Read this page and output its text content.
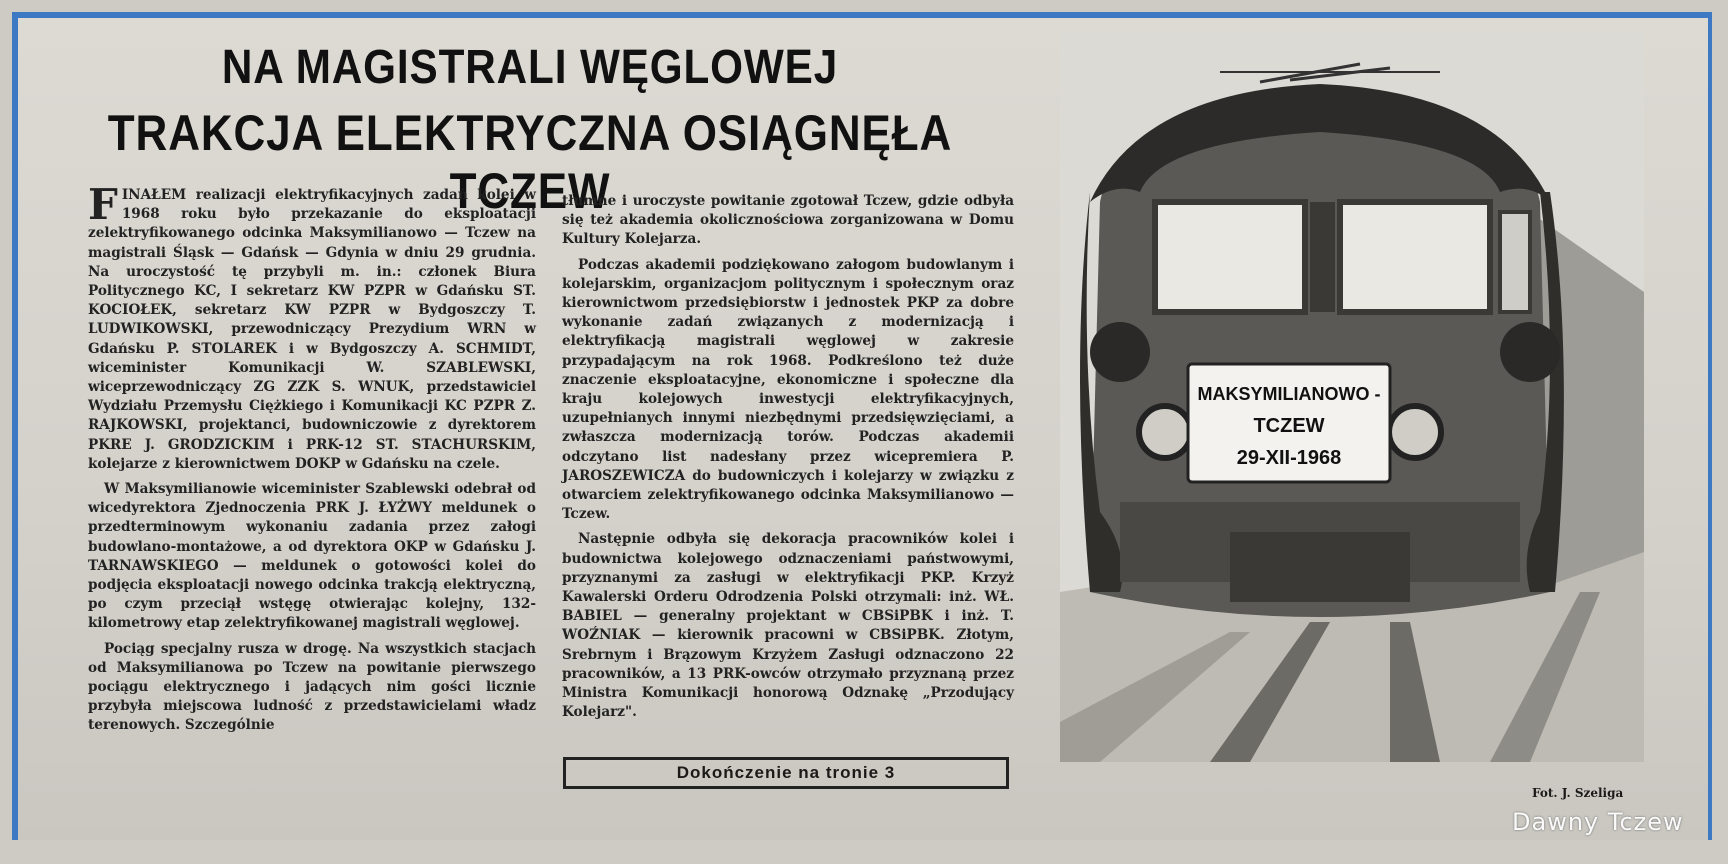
NA MAGISTRALI WĘGLOWEJ
TRAKCJA ELEKTRYCZNA OSIĄGNĘŁA TCZEW

FINAŁEM realizacji elektryfikacyjnych zadań kolei w 1968 roku było przekazanie do eksploatacji zelektryfikowanego odcinka Maksymilianowo — Tczew na magistrali Śląsk — Gdańsk — Gdynia w dniu 29 grudnia. Na uroczystość tę przybyli m. in.: członek Biura Politycznego KC, I sekretarz KW PZPR w Gdańsku ST. KOCIOŁEK, sekretarz KW PZPR w Bydgoszczy T. LUDWIKOWSKI, przewodniczący Prezydium WRN w Gdańsku P. STOLAREK i w Bydgoszczy A. SCHMIDT, wiceminister Komunikacji W. SZABLEWSKI, wiceprzewodniczący ZG ZZK S. WNUK, przedstawiciel Wydziału Przemysłu Ciężkiego i Komunikacji KC PZPR Z. RAJKOWSKI, projektanci, budowniczowie z dyrektorem PKRE J. GRODZICKIM i PRK-12 ST. STACHURSKIM, kolejarze z kierownictwem DOKP w Gdańsku na czele.

W Maksymilianowie wiceminister Szablewski odebrał od wicedyrektora Zjednoczenia PRK J. ŁYŻWY meldunek o przedterminowym wykonaniu zadania przez załogi budowlano-montażowe, a od dyrektora OKP w Gdańsku J. TARNAWSKIEGO — meldunek o gotowości kolei do podjęcia eksploatacji nowego odcinka trakcją elektryczną, po czym przeciął wstęgę otwierając kolejny, 132-kilometrowy etap zelektryfikowanej magistrali węglowej.

Pociąg specjalny rusza w drogę. Na wszystkich stacjach od Maksymilianowa po Tczew na powitanie pierwszego pociągu elektrycznego i jadących nim gości licznie przybyła miejscowa ludność z przedstawicielami władz terenowych. Szczególnie

tłumne i uroczyste powitanie zgotował Tczew, gdzie odbyła się też akademia okolicznościowa zorganizowana w Domu Kultury Kolejarza.

Podczas akademii podziękowano załogom budowlanym i kolejarskim, organizacjom politycznym i społecznym oraz kierownictwom przedsiębiorstw i jednostek PKP za dobre wykonanie zadań związanych z modernizacją i elektryfikacją magistrali węglowej w zakresie przypadającym na rok 1968. Podkreślono też duże znaczenie eksploatacyjne, ekonomiczne i społeczne dla kraju kolejowych inwestycji elektryfikacyjnych, uzupełnianych innymi niezbędnymi przedsięwzięciami, a zwłaszcza modernizacją torów. Podczas akademii odczytano list nadesłany przez wicepremiera P. JAROSZEWICZA do budowniczych i kolejarzy w związku z otwarciem zelektryfikowanego odcinka Maksymilianowo — Tczew.

Następnie odbyła się dekoracja pracowników kolei i budownictwa kolejowego odznaczeniami państwowymi, przyznanymi za zasługi w elektryfikacji PKP. Krzyż Kawalerski Orderu Odrodzenia Polski otrzymali: inż. WŁ. BABIEL — generalny projektant w CBSiPBK i inż. T. WOŹNIAK — kierownik pracowni w CBSiPBK. Złotym, Srebrnym i Brązowym Krzyżem Zasługi odznaczono 22 pracowników, a 13 PRK-owców otrzymało przyznaną przez Ministra Komunikacji honorową Odznakę „Przodujący Kolejarz".

Dokończenie na tronie 3
MAKSYMILIANOWO -
TCZEW
29-XII-1968
Fot. J. Szeliga
Dawny Tczew
